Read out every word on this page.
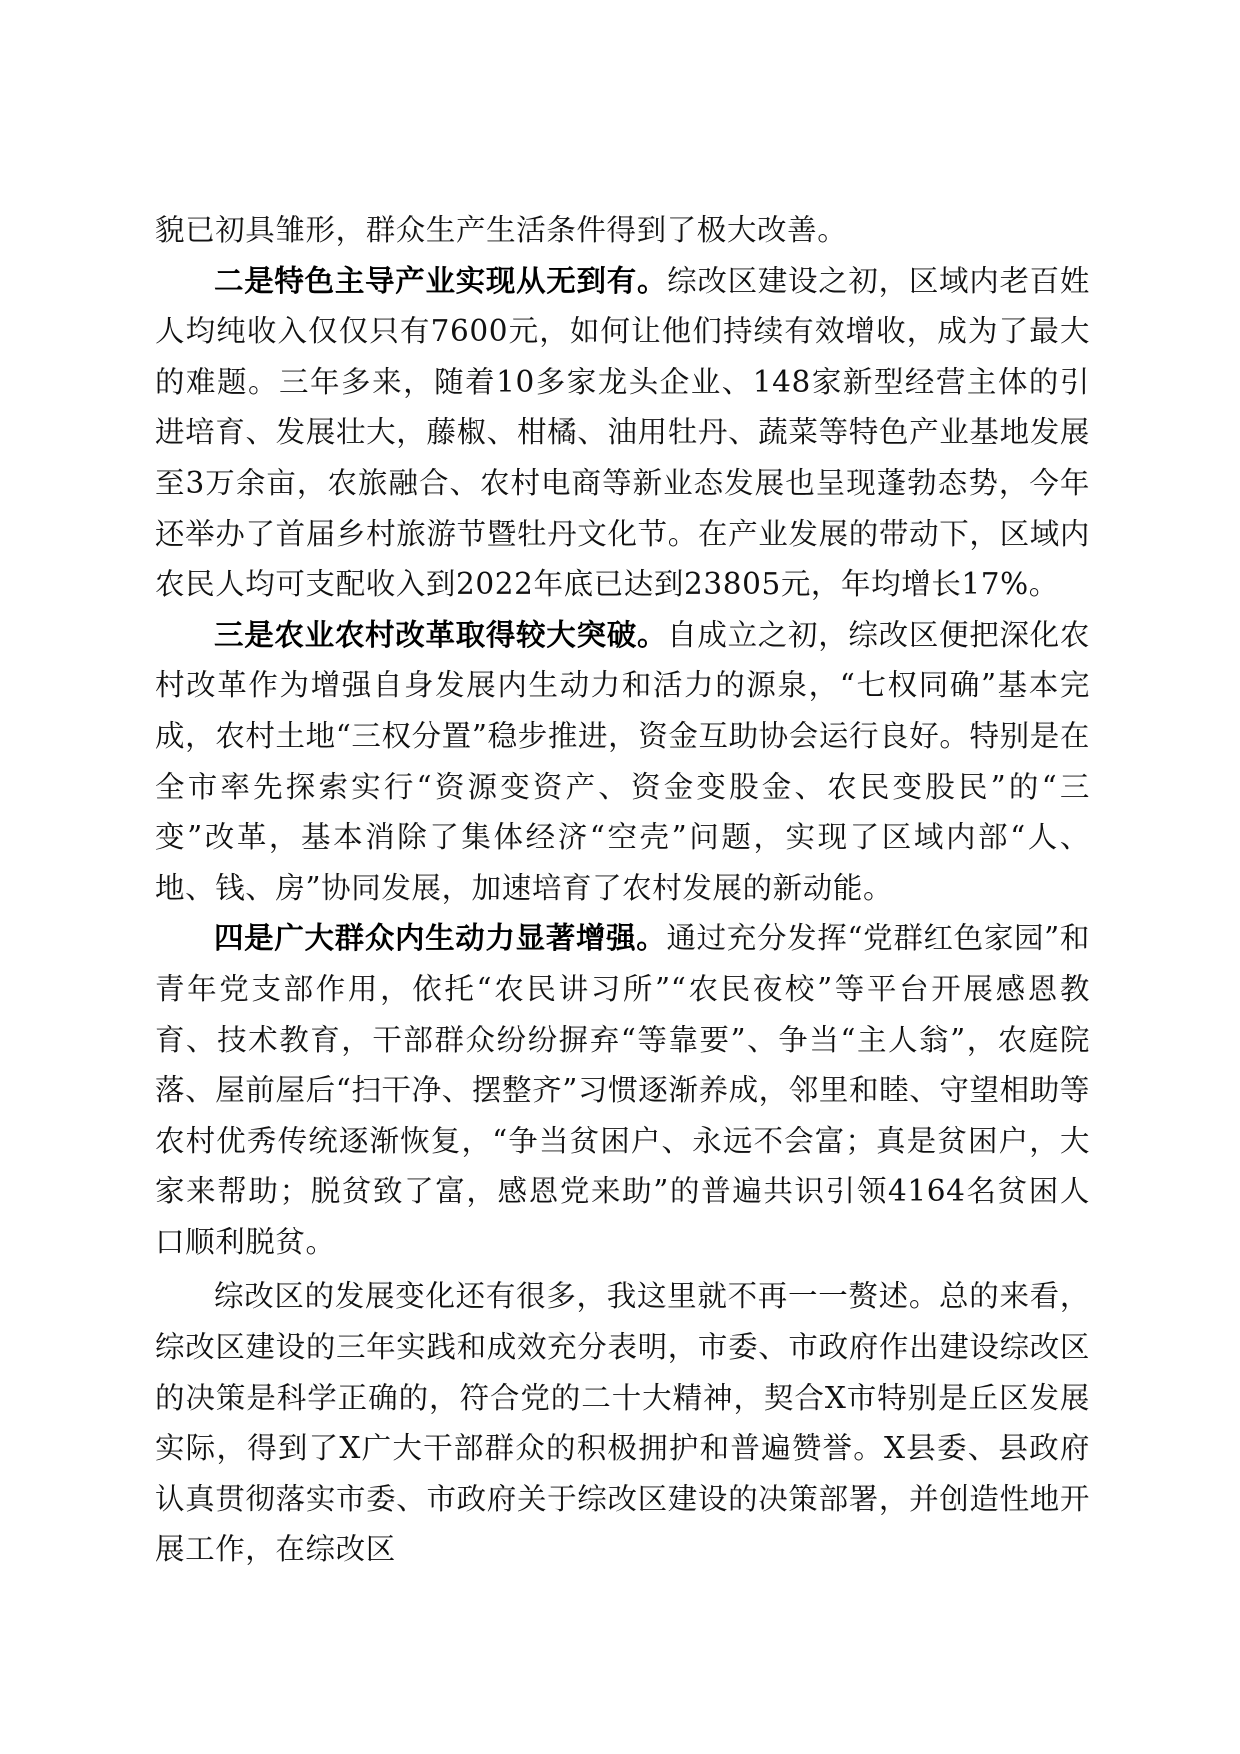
貌已初具雏形，群众生产生活条件得到了极大改善。

二是特色主导产业实现从无到有。综改区建设之初，区域内老百姓人均纯收入仅仅只有7600元，如何让他们持续有效增收，成为了最大的难题。三年多来，随着10多家龙头企业、148家新型经营主体的引进培育、发展壮大，藤椒、柑橘、油用牡丹、蔬菜等特色产业基地发展至3万余亩，农旅融合、农村电商等新业态发展也呈现蓬勃态势，今年还举办了首届乡村旅游节暨牡丹文化节。在产业发展的带动下，区域内农民人均可支配收入到2022年底已达到23805元，年均增长17%。

三是农业农村改革取得较大突破。自成立之初，综改区便把深化农村改革作为增强自身发展内生动力和活力的源泉，“七权同确”基本完成，农村土地“三权分置”稳步推进，资金互助协会运行良好。特别是在全市率先探索实行“资源变资产、资金变股金、农民变股民”的“三变”改革，基本消除了集体经济“空壳”问题，实现了区域内部“人、地、钱、房”协同发展，加速培育了农村发展的新动能。

四是广大群众内生动力显著增强。通过充分发挥“党群红色家园”和青年党支部作用，依托“农民讲习所”“农民夜校”等平台开展感恩教育、技术教育，干部群众纷纷摒弃“等靠要”、争当“主人翁”，农庭院落、屋前屋后“扫干净、摆整齐”习惯逐渐养成，邻里和睦、守望相助等农村优秀传统逐渐恢复，“争当贫困户、永远不会富；真是贫困户，大家来帮助；脱贫致了富，感恩党来助”的普遍共识引领4164名贫困人口顺利脱贫。

综改区的发展变化还有很多，我这里就不再一一赘述。总的来看，综改区建设的三年实践和成效充分表明，市委、市政府作出建设综改区的决策是科学正确的，符合党的二十大精神，契合X市特别是丘区发展实际，得到了X广大干部群众的积极拥护和普遍赞誉。X县委、县政府认真贯彻落实市委、市政府关于综改区建设的决策部署，并创造性地开展工作，在综改区
